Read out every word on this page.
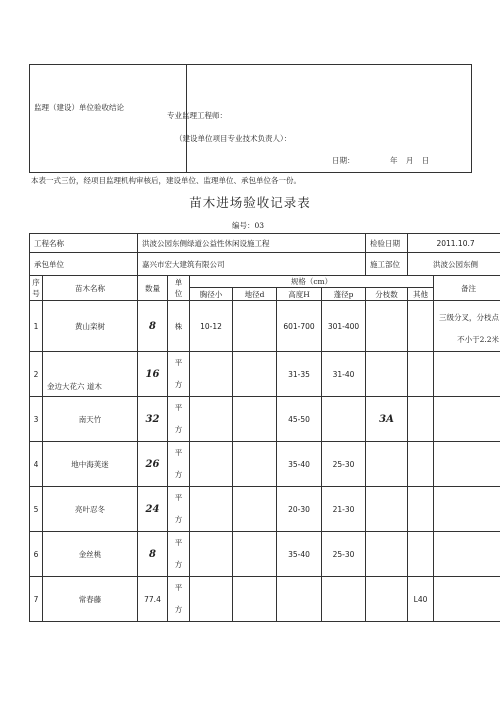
监理（建设）单位验收结论
专业监理工程师：
（建设单位项目专业技术负责人）：
日期：	年 月 日
本表一式三份，经项目监理机构审核后，建设单位、监理单位、承包单位各一份。
苗木进场验收记录表
编号：03
工程名称		洪波公园东侧绿道公益性休闲设施工程						检验日期	2011.10.7	
承包单位		嘉兴市宏大建筑有限公司						施工部位	洪波公园东侧	
序
号	苗木名称	数量	单
位	规格（cm）						备注
				胸径小	地径d	高度H	蓬径p	分枝数	其他	
1	黄山栾树	8	株	10-12		601-700	301-400			三级分叉，分枝点
不小于2.2米
2	金边大花六 道木	16	平
方			31-35	31-40			
3	南天竹	32	平
方			45-50		3A		
4	地中海荚迷	26	平
方			35-40	25-30			
5	亮叶忍冬	24	平
方			20-30	21-30			
6	金丝桃	8	平
方			35-40	25-30			
7	常春藤	77.4	平
方						L40	
